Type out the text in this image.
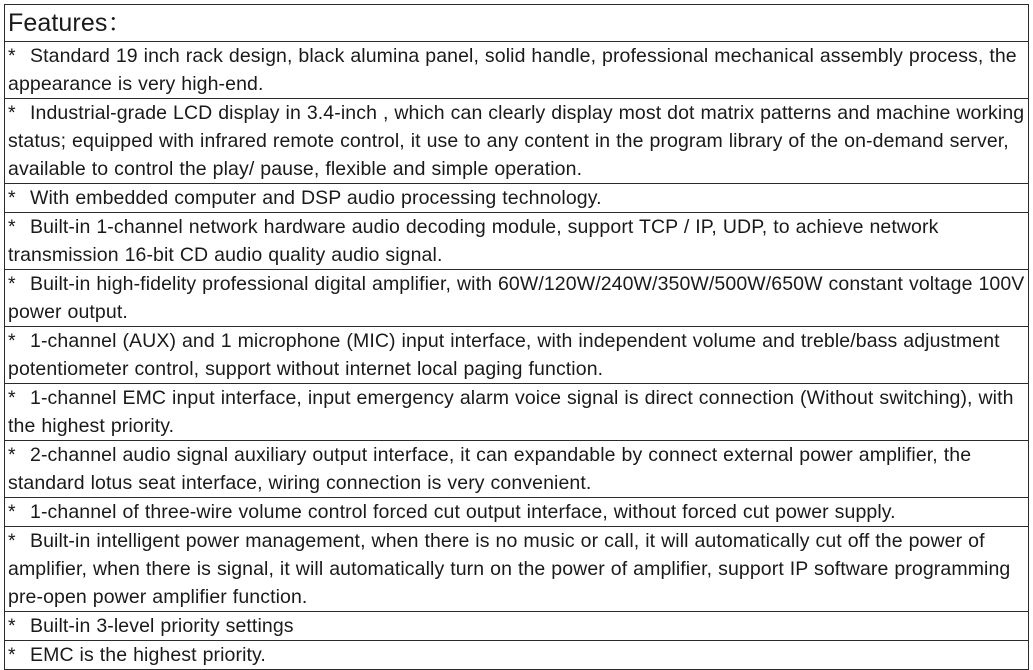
Features：
* Standard 19 inch rack design, black alumina panel, solid handle, professional mechanical assembly process, the appearance is very high-end.
* Industrial-grade LCD display in 3.4-inch , which can clearly display most dot matrix patterns and machine working status; equipped with infrared remote control, it use to any content in the program library of the on-demand server, available to control the play/ pause, flexible and simple operation.
* With embedded computer and DSP audio processing technology.
* Built-in 1-channel network hardware audio decoding module, support TCP / IP, UDP, to achieve network transmission 16-bit CD audio quality audio signal.
* Built-in high-fidelity professional digital amplifier, with 60W/120W/240W/350W/500W/650W constant voltage 100V power output.
* 1-channel (AUX) and 1 microphone (MIC) input interface, with independent volume and treble/bass adjustment potentiometer control, support without internet local paging function.
* 1-channel EMC input interface, input emergency alarm voice signal is direct connection (Without switching), with the highest priority.
* 2-channel audio signal auxiliary output interface, it can expandable by connect external power amplifier, the standard lotus seat interface, wiring connection is very convenient.
* 1-channel of three-wire volume control forced cut output interface, without forced cut power supply.
* Built-in intelligent power management, when there is no music or call, it will automatically cut off the power of amplifier, when there is signal, it will automatically turn on the power of amplifier, support IP software programming pre-open power amplifier function.
* Built-in 3-level priority settings
* EMC is the highest priority.
